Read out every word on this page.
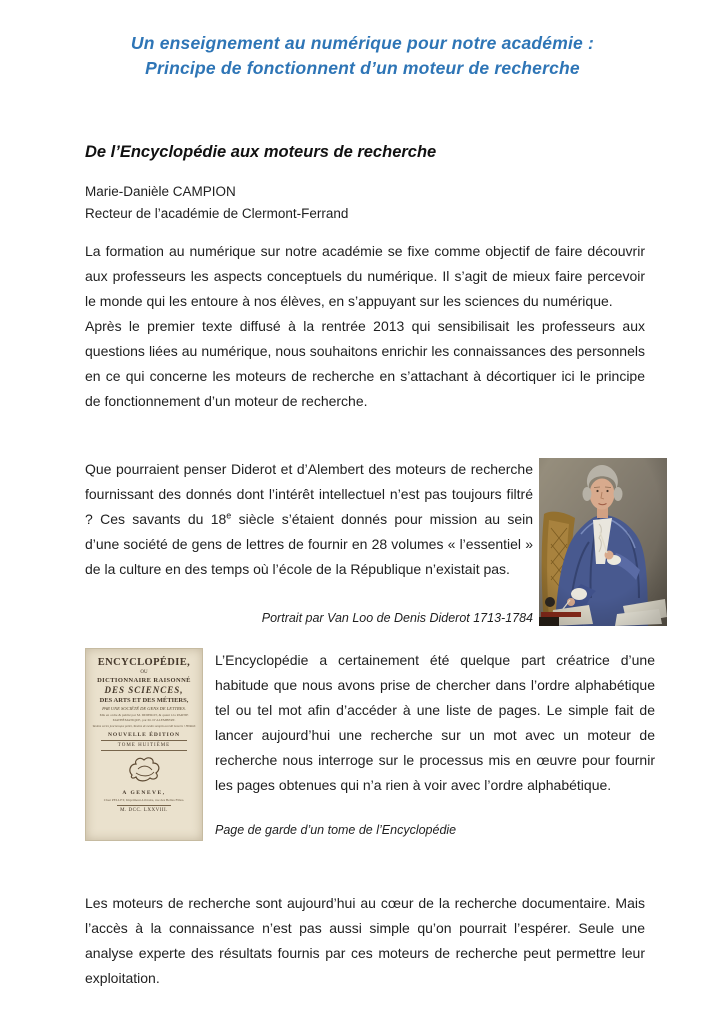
Un enseignement au numérique pour notre académie :
Principe de fonctionnent d’un moteur de recherche
De l’Encyclopédie aux moteurs de recherche
Marie-Danièle CAMPION
Recteur de l’académie de Clermont-Ferrand

La formation au numérique sur notre académie se fixe comme objectif de faire découvrir aux professeurs les aspects conceptuels du numérique. Il s’agit de mieux faire percevoir le monde qui les entoure à nos élèves, en s’appuyant sur les sciences du numérique.

Après le premier texte diffusé à la rentrée 2013 qui sensibilisait les professeurs aux questions liées au numérique, nous souhaitons enrichir les connaissances des personnels en ce qui concerne les moteurs de recherche en s’attachant à décortiquer ici le principe de fonctionnement d’un moteur de recherche.

Que pourraient penser Diderot et d’Alembert des moteurs de recherche fournissant des donnés dont l’intérêt intellectuel n’est pas toujours filtré ? Ces savants du 18e siècle s’étaient donnés pour mission au sein d’une société de gens de lettres de fournir en 28 volumes « l’essentiel » de la culture en des temps où l’école de la République n’existait pas.

Portrait par Van Loo de Denis Diderot 1713-1784
ENCYCLOPÉDIE,
OU
DICTIONNAIRE RAISONNÉ
DES SCIENCES,
DES ARTS ET DES MÉTIERS,
PAR UNE SOCIÉTÉ DE GENS DE LETTRES.
Mis en ordre & publié par M. DIDEROT, & quant à la PARTIE MATHÉMATIQUE, par M. D’ALEMBERT.
Tantùm series juncturaque pollet, Tantùm de medio sumptis accedit honoris ! HORAT.
NOUVELLE ÉDITION
TOME HUITIÈME
A GENEVE,
Chez PELLET, Imprimeur-Libraire, rue des Belles Filles.
M. DCC. LXXVIII.

L’Encyclopédie a certainement été quelque part créatrice d’une habitude que nous avons prise de chercher dans l’ordre alphabétique tel ou tel mot afin d’accéder à une liste de pages. Le simple fait de lancer aujourd’hui une recherche sur un mot avec un moteur de recherche nous interroge sur le processus mis en œuvre pour fournir les pages obtenues qui n’a rien à voir avec l’ordre alphabétique.

Page de garde d’un tome de l’Encyclopédie

Les moteurs de recherche sont aujourd’hui au cœur de la recherche documentaire. Mais l’accès à la connaissance n’est pas aussi simple qu’on pourrait l’espérer. Seule une analyse experte des résultats fournis par ces moteurs de recherche peut permettre leur exploitation.
